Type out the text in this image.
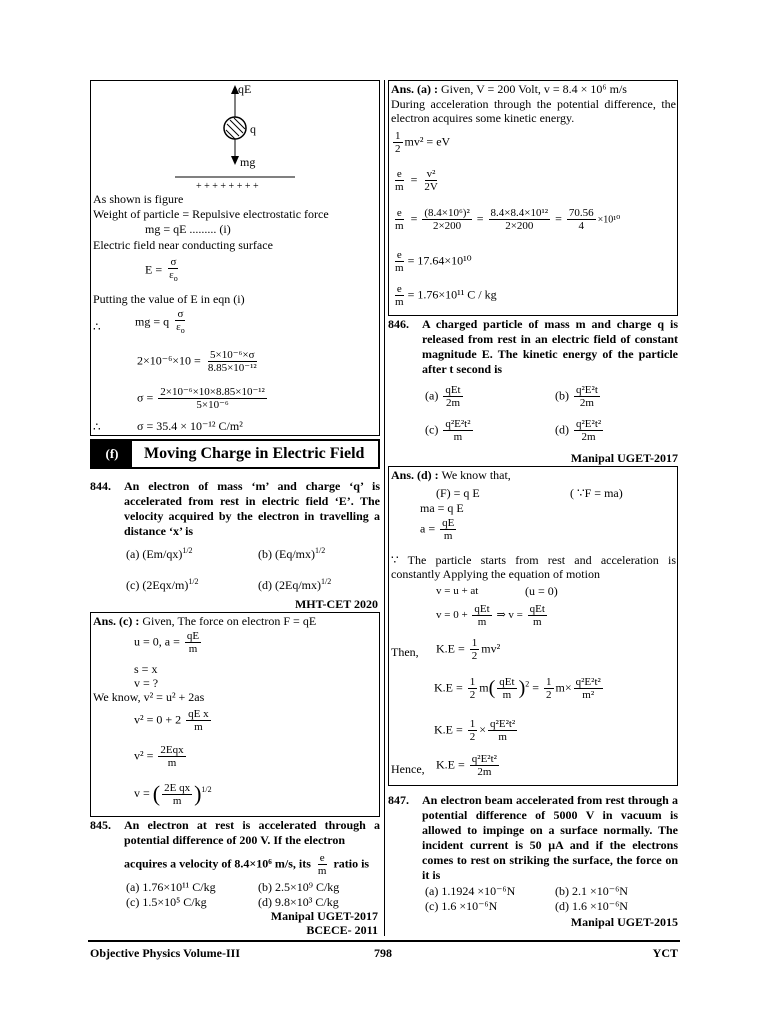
qE
q
mg
+ + + + + + + +
As shown is figure
Weight of particle = Repulsive electrostatic force
mg = qE ......... (i)
Electric field near conducting surface
$E = \frac{\sigma}{\varepsilon_o}$
Putting the value of E in eqn (i)
∴	mg = q $\frac{\sigma}{\varepsilon_o}$
$2\times 10^{-6}\times 10 = \frac{\text{5×10⁻⁶×σ}}{\text{8.85×10⁻¹²}}$
$\sigma = \frac{\text{2×10⁻⁶×10×8.85×10⁻¹²}}{\text{5×10⁻⁶}}$
∴	σ = 35.4 × 10⁻¹² C/m²
(f)	Moving Charge in Electric Field
844. An electron of mass ‘m’ and charge ‘q’ is accelerated from rest in electric field ‘E’. The velocity acquired by the electron in travelling a distance ‘x’ is
(a) $(Em/qx)^{1/2}$	(b) $(Eq/mx)^{1/2}$
(c) $(2Eqx/m)^{1/2}$	(d) $(2Eq/mx)^{1/2}$
MHT-CET 2020
Ans. (c) : Given, The force on electron F = qE
u = 0, $a = \frac{qE}{m}$
s = x
v = ?
We know, v² = u² + 2as
$v^2 = 0 + 2 \frac{\text{qE x}}{m}$
$v^2 = \frac{\text{2Eqx}}{m}$
v = ( $\frac{\text{2E qx}}{m} )^{1/2}$
845. An electron at rest is accelerated through a potential difference of 200 V. If the electron
acquires a velocity of 8.4×10⁶ m/s, its $\frac{e}{m}$ ratio is
(a) 1.76×10¹¹ C/kg	(b) 2.5×10⁹ C/kg
(c) 1.5×10⁵ C/kg	(d) 9.8×10³ C/kg
Manipal UGET-2017
BCECE- 2011
Ans. (a) : Given, V = 200 Volt, v = 8.4 × 10⁶ m/s
During acceleration through the potential difference, the electron acquires some kinetic energy.
$\frac{1}{2} mv^2$ = eV
$\frac{e}{m} = \frac{\text{v²}}{2V}$
$\frac{e}{m} = \frac{\text{(8.4×10⁶)²}}{2\times 200} = \frac{\text{8.4×8.4×10¹²}}{2\times 200} = \frac{70.56}{4} \times 10^{10}$
$\frac{e}{m} = 17.64\times 10^{10}$
$\frac{e}{m} = 1.76\times 10^{11}$ C / kg
846. A charged particle of mass m and charge q is released from rest in an electric field of constant magnitude E. The kinetic energy of the particle after t second is
$(a) \frac{\text{qEt}}{2m}$	$(b) \frac{\text{q²E²t}}{2m}$
$(c) \frac{\text{q²E²t²}}{m}$	$(d) \frac{\text{q²E²t²}}{2m}$
Manipal UGET-2017
Ans. (d) : We know that,
(F) = q E	( ∵F = ma)
ma = q E
$a = \frac{qE}{m}$
∵ The particle starts from rest and acceleration is constantly Applying the equation of motion
v = u + at	(u = 0)
$v = 0 + \frac{\text{qEt}}{m}$ ⇒ $v = \frac{\text{qEt}}{m}$
Then, $K.E = \frac{1}{2} mv^2$
$K.E = \frac{1}{2} m( \frac{\text{qEt}}{m} )^2 = \frac{1}{2} m\times \frac{\text{q²E²t²}}{\text{m²}}$
$K.E = \frac{1}{2} \times \frac{\text{q²E²t²}}{m}$
Hence, $K.E = \frac{\text{q²E²t²}}{2m}$
847. An electron beam accelerated from rest through a potential difference of 5000 V in vacuum is allowed to impinge on a surface normally. The incident current is 50 μA and if the electrons comes to rest on striking the surface, the force on it is
(a) 1.1924 ×10⁻⁶N	(b) 2.1 ×10⁻⁶N
(c) 1.6 ×10⁻⁶N	(d) 1.6 ×10⁻⁶N
Manipal UGET-2015
Objective Physics Volume-III	798	YCT
